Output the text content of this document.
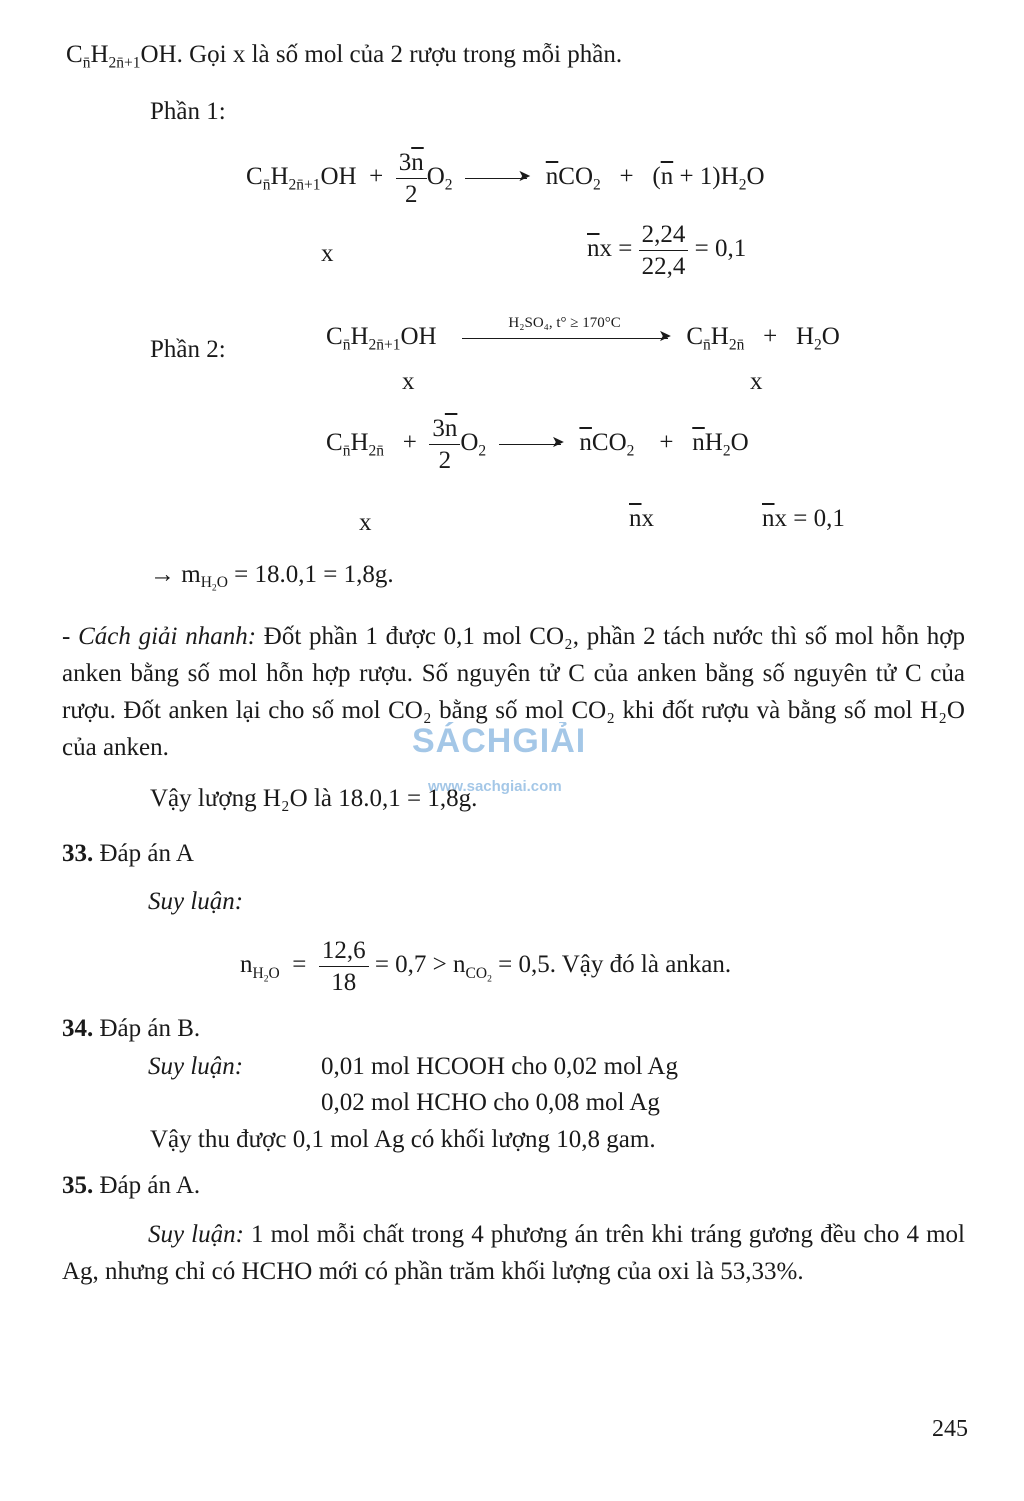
$C_{n̄}H_{2n̄+1}OH$. Gọi x là số mol của 2 rượu trong mỗi phần.
Phần 1:
$C_{n̄}H_{2n̄+1}OH + \frac{3\overline{n}}{2} O_2$
➤ $\overline{n}CO_2 + (\overline{n} + 1)H_2O$
x	$\overline{n}x = \frac{2,24}{22,4} = 0,1$
Phần 2:	$C_{n̄}H_{2n̄+1}OH$
H₂SO₄, t° ≥ 170°C
➤
$C_{n̄}H_{2n̄} + H_2O$
x	x
$C_{n̄}H_{2n̄} + \frac{3\overline{n}}{2} O_2$
➤ $\overline{n}CO_2$    +   $\overline{n}H_2O$
x	$\overline{n}x$	$\overline{n}x = 0,1$
→ $m_{H_2O} = 18.0,1 = 1,8g$.
- Cách giải nhanh: Đốt phần 1 được 0,1 mol CO₂, phần 2 tách nước thì số mol hỗn hợp anken bằng số mol hỗn hợp rượu. Số nguyên tử C của anken bằng số nguyên tử C của rượu. Đốt anken lại cho số mol CO₂ bằng số mol CO₂ khi đốt rượu và bằng số mol H₂O của anken.	SÁCHGIẢI
www.sachgiai.com
Vậy lượng H₂O là 18.0,1 = 1,8g.
33. Đáp án A
Suy luận:
$n_{H_2O} = \frac{12,6}{18} = 0,7 > n_{CO_2} = 0,5$. Vậy đó là ankan.
34. Đáp án B.
Suy luận:	0,01 mol HCOOH cho 0,02 mol Ag
0,02 mol HCHO cho 0,08 mol Ag
Vậy thu được 0,1 mol Ag có khối lượng 10,8 gam.
35. Đáp án A.
Suy luận: 1 mol mỗi chất trong 4 phương án trên khi tráng gương đều cho 4 mol Ag, nhưng chỉ có HCHO mới có phần trăm khối lượng của oxi là 53,33%.
245
